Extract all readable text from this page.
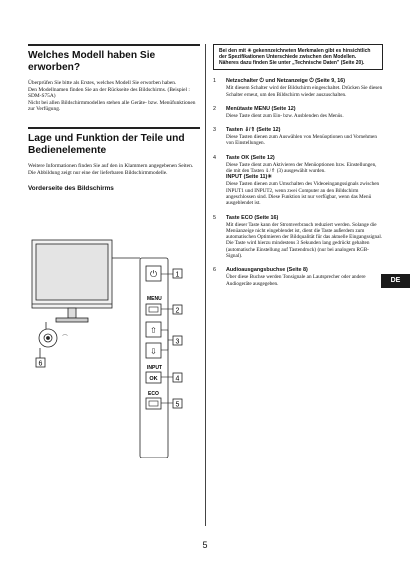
Welches Modell haben Sie erworben?

Überprüfen Sie bitte als Erstes, welches Modell Sie erworben haben.

Den Modellnamen finden Sie an der Rückseite des Bildschirms. (Beispiel : SDM-S75A)

Nicht bei allen Bildschirmmodellen stehen alle Geräte- bzw. Menüfunktionen zur Verfügung.

Lage und Funktion der Teile und Bedienelemente

Weitere Informationen finden Sie auf den in Klammern angegebenen Seiten.

Die Abbildung zeigt nur eine der lieferbaren Bildschirmmodelle.

Vorderseite des Bildschirms
⌒
6
⏻	1
MENU
2
⇧
⇩
3
INPUT
OK	4
ECO
5
Bei den mit ✳ gekennzeichneten Merkmalen gibt es hinsichtlich der Spezifikationen Unterschiede zwischen den Modellen. Näheres dazu finden Sie unter „Technische Daten" (Seite 20).
1 Netzschalter ⏻ und Netzanzeige ⏻ (Seite 9, 16)
Mit diesem Schalter wird der Bildschirm eingeschaltet. Drücken Sie diesen Schalter erneut, um den Bildschirm wieder auszuschalten.
2 Menütaste MENU (Seite 12)
Diese Taste dient zum Ein- bzw. Ausblenden des Menüs.
3 Tasten ⇓/⇑ (Seite 12)
Diese Tasten dienen zum Auswählen von Menüoptionen und Vornehmen von Einstellungen.
4 Taste OK (Seite 12)
Diese Taste dient zum Aktivieren der Menüoptionen bzw. Einstellungen, die mit den Tasten ⇓/⇑ (3) ausgewählt wurden.
INPUT (Seite 11)✳
Diese Tasten dienen zum Umschalten des Videoeingangssignals zwischen INPUT1 und INPUT2, wenn zwei Computer an den Bildschirm angeschlossen sind. Diese Funktion ist nur verfügbar, wenn das Menü ausgeblendet ist.
5 Taste ECO (Seite 16)
Mit dieser Taste kann der Stromverbrauch reduziert werden. Solange die Menüanzeige nicht eingeblendet ist, dient die Taste außerdem zum automatischen Optimieren der Bildqualität für das aktuelle Eingangssignal. Die Taste wird hierzu mindestens 3 Sekunden lang gedrückt gehalten (automatische Einstellung auf Tastendruck) (nur bei analogem RGB-Signal).
6 Audioausgangsbuchse (Seite 8)
Über diese Buchse werden Tonsignale an Lautsprecher oder andere Audiogeräte ausgegeben.	DE
5
